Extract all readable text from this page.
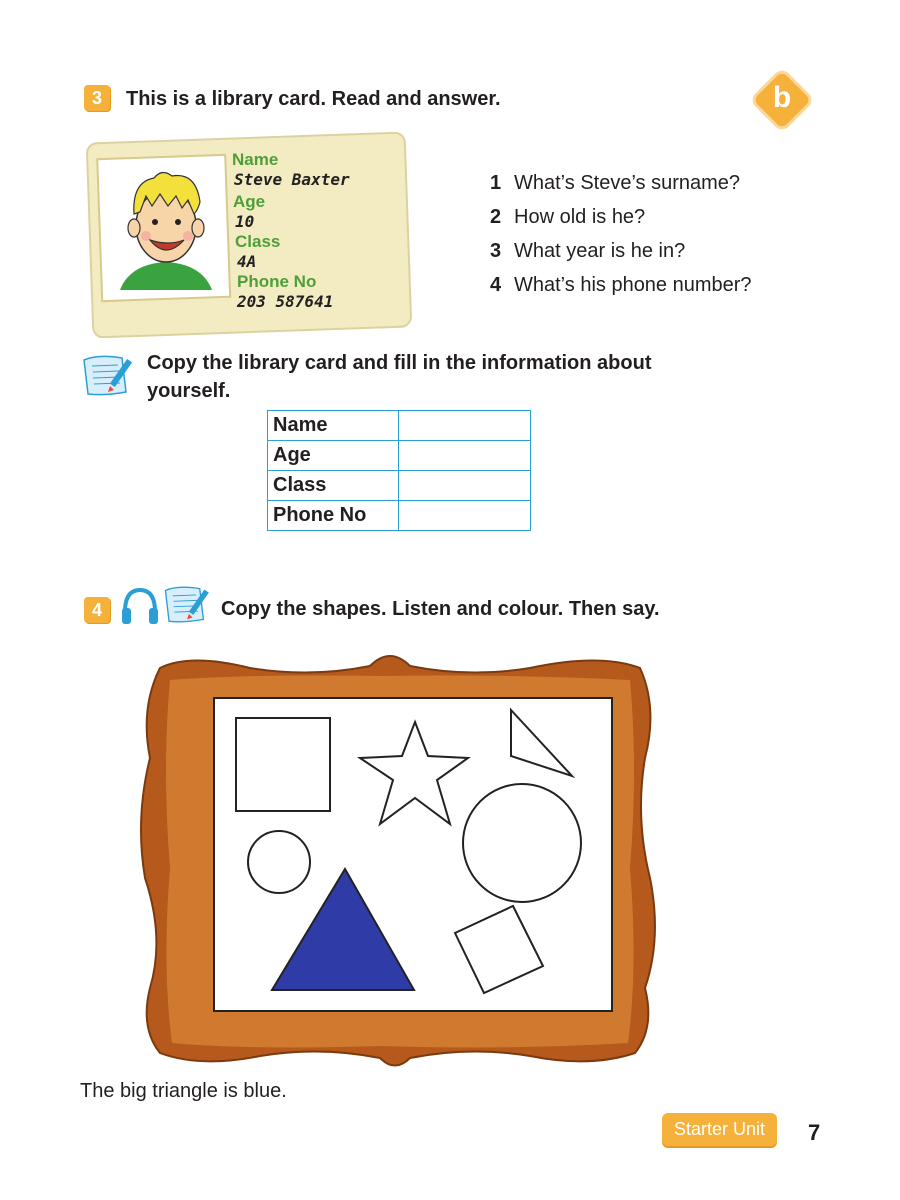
3 This is a library card. Read and answer.	b
Name
Steve Baxter
Age
10
Class
4A
Phone No
203 587641
1 What’s Steve’s surname?
2 How old is he?
3 What year is he in?
4 What’s his phone number?
Copy the library card and fill in the information about yourself.
Name	
Age	
Class	
Phone No	
4	Copy the shapes. Listen and colour. Then say.
The big triangle is blue.
Starter Unit	7
